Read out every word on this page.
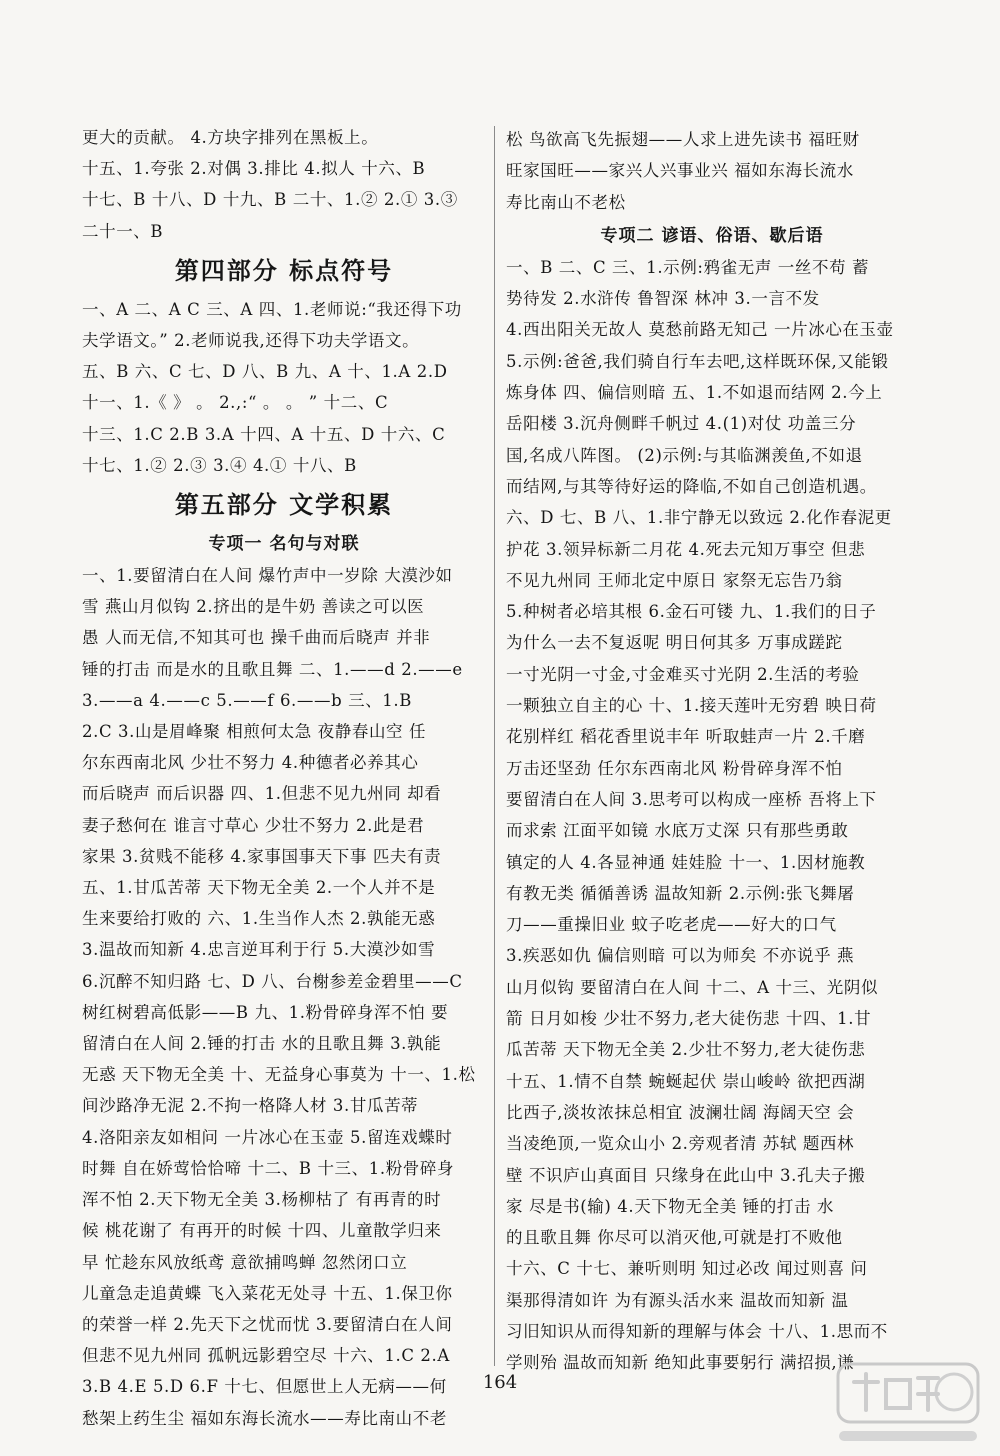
更大的贡献。 4.方块字排列在黑板上。

十五、1.夸张 2.对偶 3.排比 4.拟人 十六、B

十七、B 十八、D 十九、B 二十、1.② 2.① 3.③

二十一、B

第四部分 标点符号

一、A 二、A C 三、A 四、1.老师说:“我还得下功

夫学语文。” 2.老师说我,还得下功夫学语文。

五、B 六、C 七、D 八、B 九、A 十、1.A 2.D

十一、1.《 》 。 2.,:“ 。 。 ” 十二、C

十三、1.C 2.B 3.A 十四、A 十五、D 十六、C

十七、1.② 2.③ 3.④ 4.① 十八、B

第五部分 文学积累
专项一 名句与对联

一、1.要留清白在人间 爆竹声中一岁除 大漠沙如

雪 燕山月似钩 2.挤出的是牛奶 善读之可以医

愚 人而无信,不知其可也 操千曲而后晓声 并非

锤的打击 而是水的且歌且舞 二、1.——d 2.——e

3.——a 4.——c 5.——f 6.——b 三、1.B

2.C 3.山是眉峰聚 相煎何太急 夜静春山空 任

尔东西南北风 少壮不努力 4.种德者必养其心

而后晓声 而后识器 四、1.但悲不见九州同 却看

妻子愁何在 谁言寸草心 少壮不努力 2.此是君

家果 3.贫贱不能移 4.家事国事天下事 匹夫有责

五、1.甘瓜苦蒂 天下物无全美 2.一个人并不是

生来要给打败的 六、1.生当作人杰 2.孰能无惑

3.温故而知新 4.忠言逆耳利于行 5.大漠沙如雪

6.沉醉不知归路 七、D 八、台榭参差金碧里——C

树红树碧高低影——B 九、1.粉骨碎身浑不怕 要

留清白在人间 2.锤的打击 水的且歌且舞 3.孰能

无惑 天下物无全美 十、无益身心事莫为 十一、1.松

间沙路净无泥 2.不拘一格降人材 3.甘瓜苦蒂

4.洛阳亲友如相问 一片冰心在玉壶 5.留连戏蝶时

时舞 自在娇莺恰恰啼 十二、B 十三、1.粉骨碎身

浑不怕 2.天下物无全美 3.杨柳枯了 有再青的时

候 桃花谢了 有再开的时候 十四、儿童散学归来

早 忙趁东风放纸鸢 意欲捕鸣蝉 忽然闭口立

儿童急走追黄蝶 飞入菜花无处寻 十五、1.保卫你

的荣誉一样 2.先天下之忧而忧 3.要留清白在人间

但悲不见九州同 孤帆远影碧空尽 十六、1.C 2.A

3.B 4.E 5.D 6.F 十七、但愿世上人无病——何

愁架上药生尘 福如东海长流水——寿比南山不老

松 鸟欲高飞先振翅——人求上进先读书 福旺财

旺家国旺——家兴人兴事业兴 福如东海长流水

寿比南山不老松

专项二 谚语、俗语、歇后语

一、B 二、C 三、1.示例:鸦雀无声 一丝不苟 蓄

势待发 2.水浒传 鲁智深 林冲 3.一言不发

4.西出阳关无故人 莫愁前路无知己 一片冰心在玉壶

5.示例:爸爸,我们骑自行车去吧,这样既环保,又能锻

炼身体 四、偏信则暗 五、1.不如退而结网 2.今上

岳阳楼 3.沉舟侧畔千帆过 4.(1)对仗 功盖三分

国,名成八阵图。 (2)示例:与其临渊羡鱼,不如退

而结网,与其等待好运的降临,不如自己创造机遇。

六、D 七、B 八、1.非宁静无以致远 2.化作春泥更

护花 3.领异标新二月花 4.死去元知万事空 但悲

不见九州同 王师北定中原日 家祭无忘告乃翁

5.种树者必培其根 6.金石可镂 九、1.我们的日子

为什么一去不复返呢 明日何其多 万事成蹉跎

一寸光阴一寸金,寸金难买寸光阴 2.生活的考验

一颗独立自主的心 十、1.接天莲叶无穷碧 映日荷

花别样红 稻花香里说丰年 听取蛙声一片 2.千磨

万击还坚劲 任尔东西南北风 粉骨碎身浑不怕

要留清白在人间 3.思考可以构成一座桥 吾将上下

而求索 江面平如镜 水底万丈深 只有那些勇敢

镇定的人 4.各显神通 娃娃脸 十一、1.因材施教

有教无类 循循善诱 温故知新 2.示例:张飞舞屠

刀——重操旧业 蚊子吃老虎——好大的口气

3.疾恶如仇 偏信则暗 可以为师矣 不亦说乎 燕

山月似钩 要留清白在人间 十二、A 十三、光阴似

箭 日月如梭 少壮不努力,老大徒伤悲 十四、1.甘

瓜苦蒂 天下物无全美 2.少壮不努力,老大徒伤悲

十五、1.情不自禁 蜿蜒起伏 崇山峻岭 欲把西湖

比西子,淡妆浓抹总相宜 波澜壮阔 海阔天空 会

当凌绝顶,一览众山小 2.旁观者清 苏轼 题西林

壁 不识庐山真面目 只缘身在此山中 3.孔夫子搬

家 尽是书(输) 4.天下物无全美 锤的打击 水

的且歌且舞 你尽可以消灭他,可就是打不败他

十六、C 十七、兼听则明 知过必改 闻过则喜 问

渠那得清如许 为有源头活水来 温故而知新 温

习旧知识从而得知新的理解与体会 十八、1.思而不

学则殆 温故而知新 绝知此事要躬行 满招损,谦

164
